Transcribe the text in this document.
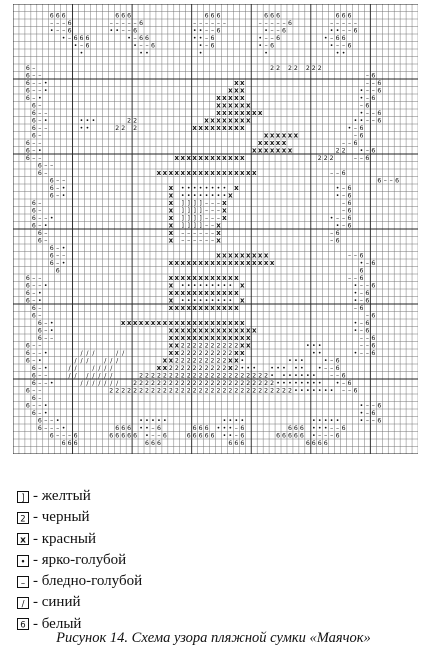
6 6 6	6 6 6	6 6 6	6 6 6	6 6 6
– – – 6	– – – – – 6	– – – – – –	– – – – – 6	– – – – –
• – – 6	• • – – 6	• • – – 6	• – – 6	• • – – 6
• – 6 6 6	• – 6 6	• • – 6	• – – 6	• – 6 6
• – 6	• – – 6	• – 6	• – 6	• – – 6
•	• •	•	•	• •
6 –	2 2 2 2 2 2 2
6 – –	– 6
6 – – •	x x	– – 6
6 – – •	x x x	• – – 6
6 – •	x x x x x	• – 6
6 –	x x x x x x	– 6
6 – –	x x x x x x x x	• – – 6
6 – •	• • •	2 2	x x x x x x x x	• • – – 6
6 – –	• •	2 2 2	x x x x x x x x x	• – 6
6 –	x x x x x x	– 6
6 – –	x x x x x	– – 6
6 – •	x x x x x x x	2 2 • – 6
6 – –	x x x x x x x x x x x x	2 2 2	– – 6
6 – –
6 –	x x x x x x x x x x x x x x x x x	– – 6
6 – –	6 – – 6
6 – •	x • • • • • • • • x	• – 6
6 – •	x • • • • • • • • x	• – 6
6 –	x ] ] ] ] – – – x	– 6
6 –	x ] ] ] ] – – – x	– 6
6 – – •	x ] ] ] ] – – – x	• – – 6
6 – •	x ] ] ] ] – – x	• – 6
6 –	x – – – – – – x	– 6
6 –	x – – – – – – x	– 6
6 – •
6 – –	x x x x x x x x x	– – 6
6 – •	x x x x x x x x x x x x x x x x x x	• – 6
6	6
6 – –	x x x x x x x x x x x x	– – 6
6 – – •	x • • • • • • • • • x	• – – 6
6 – •	x x x x x x x x x x x x	• – 6
6 – •	x • • • • • • • • • x	• – 6
6 –	x x x x x x x x x x x x	– 6
6 –	– 6
6 – •	x x x x x x x x x x x x x x x x x x x x x	• – 6
6 – •	x x x x x x x x x x x x x x x	• – 6
6 – –	x x x x x x x x x x x x x x	– – 6
6 – –	x x 2 2 2 2 2 2 2 2 2 2 x x	• • •	– – 6
6 – – •	/ / /	/ /	x x 2 2 2 2 2 2 2 2 2 x x	• •	• – – 6
6 – •	/ / /	/ / /	x x 2 2 2 2 2 2 2 2 2 x x •	• • •	• – 6
6 – •	/ /	/ / / /	x x 2 2 2 2 2 2 2 2 2 2 x 2 • • • • • • • • • – – 6
6 – –	/ / / / / / /	2 2 2 2 2 2 2 2 2 2 2 2 2 2 2 2 2 2 2 2 2 2 • • • • • • • – – 6
6 – – •	/ / / / / / / 2 2 2 2 2 2 2 2 2 2 2 2 2 2 2 2 2 2 2 2 2 2 2 2 • • • • • • • • • – 6
6 – –	2 2 2 2 2 2 2 2 2 2 2 2 2 2 2 2 2 2 2 2 2 2 2 2 2 2 2 2 2 2 2 • • • • • • • – – 6
6 –
6 – – •	• – – 6
6 – •	• – 6
6 – – •	• • • • •	• • • •	• • • • •	• – – 6
6 – – – •	6 6 6 • • – 6	6 6 6 • • • – 6	6 6 6 • • • – – 6
6 – – – 6	6 6 6 6 6 • – – 6	6 6 6 6 6 • • – 6	6 6 6 6 6 • – – – 6
6 6 6	6 6 6	6 6 6	6 6 6 6
] - желтый
2 - черный
x - красный
• - ярко-голубой
– - бледно-голубой
/ - синий
6 - белый
Рисунок 14. Схема узора пляжной сумки «Маячок»
